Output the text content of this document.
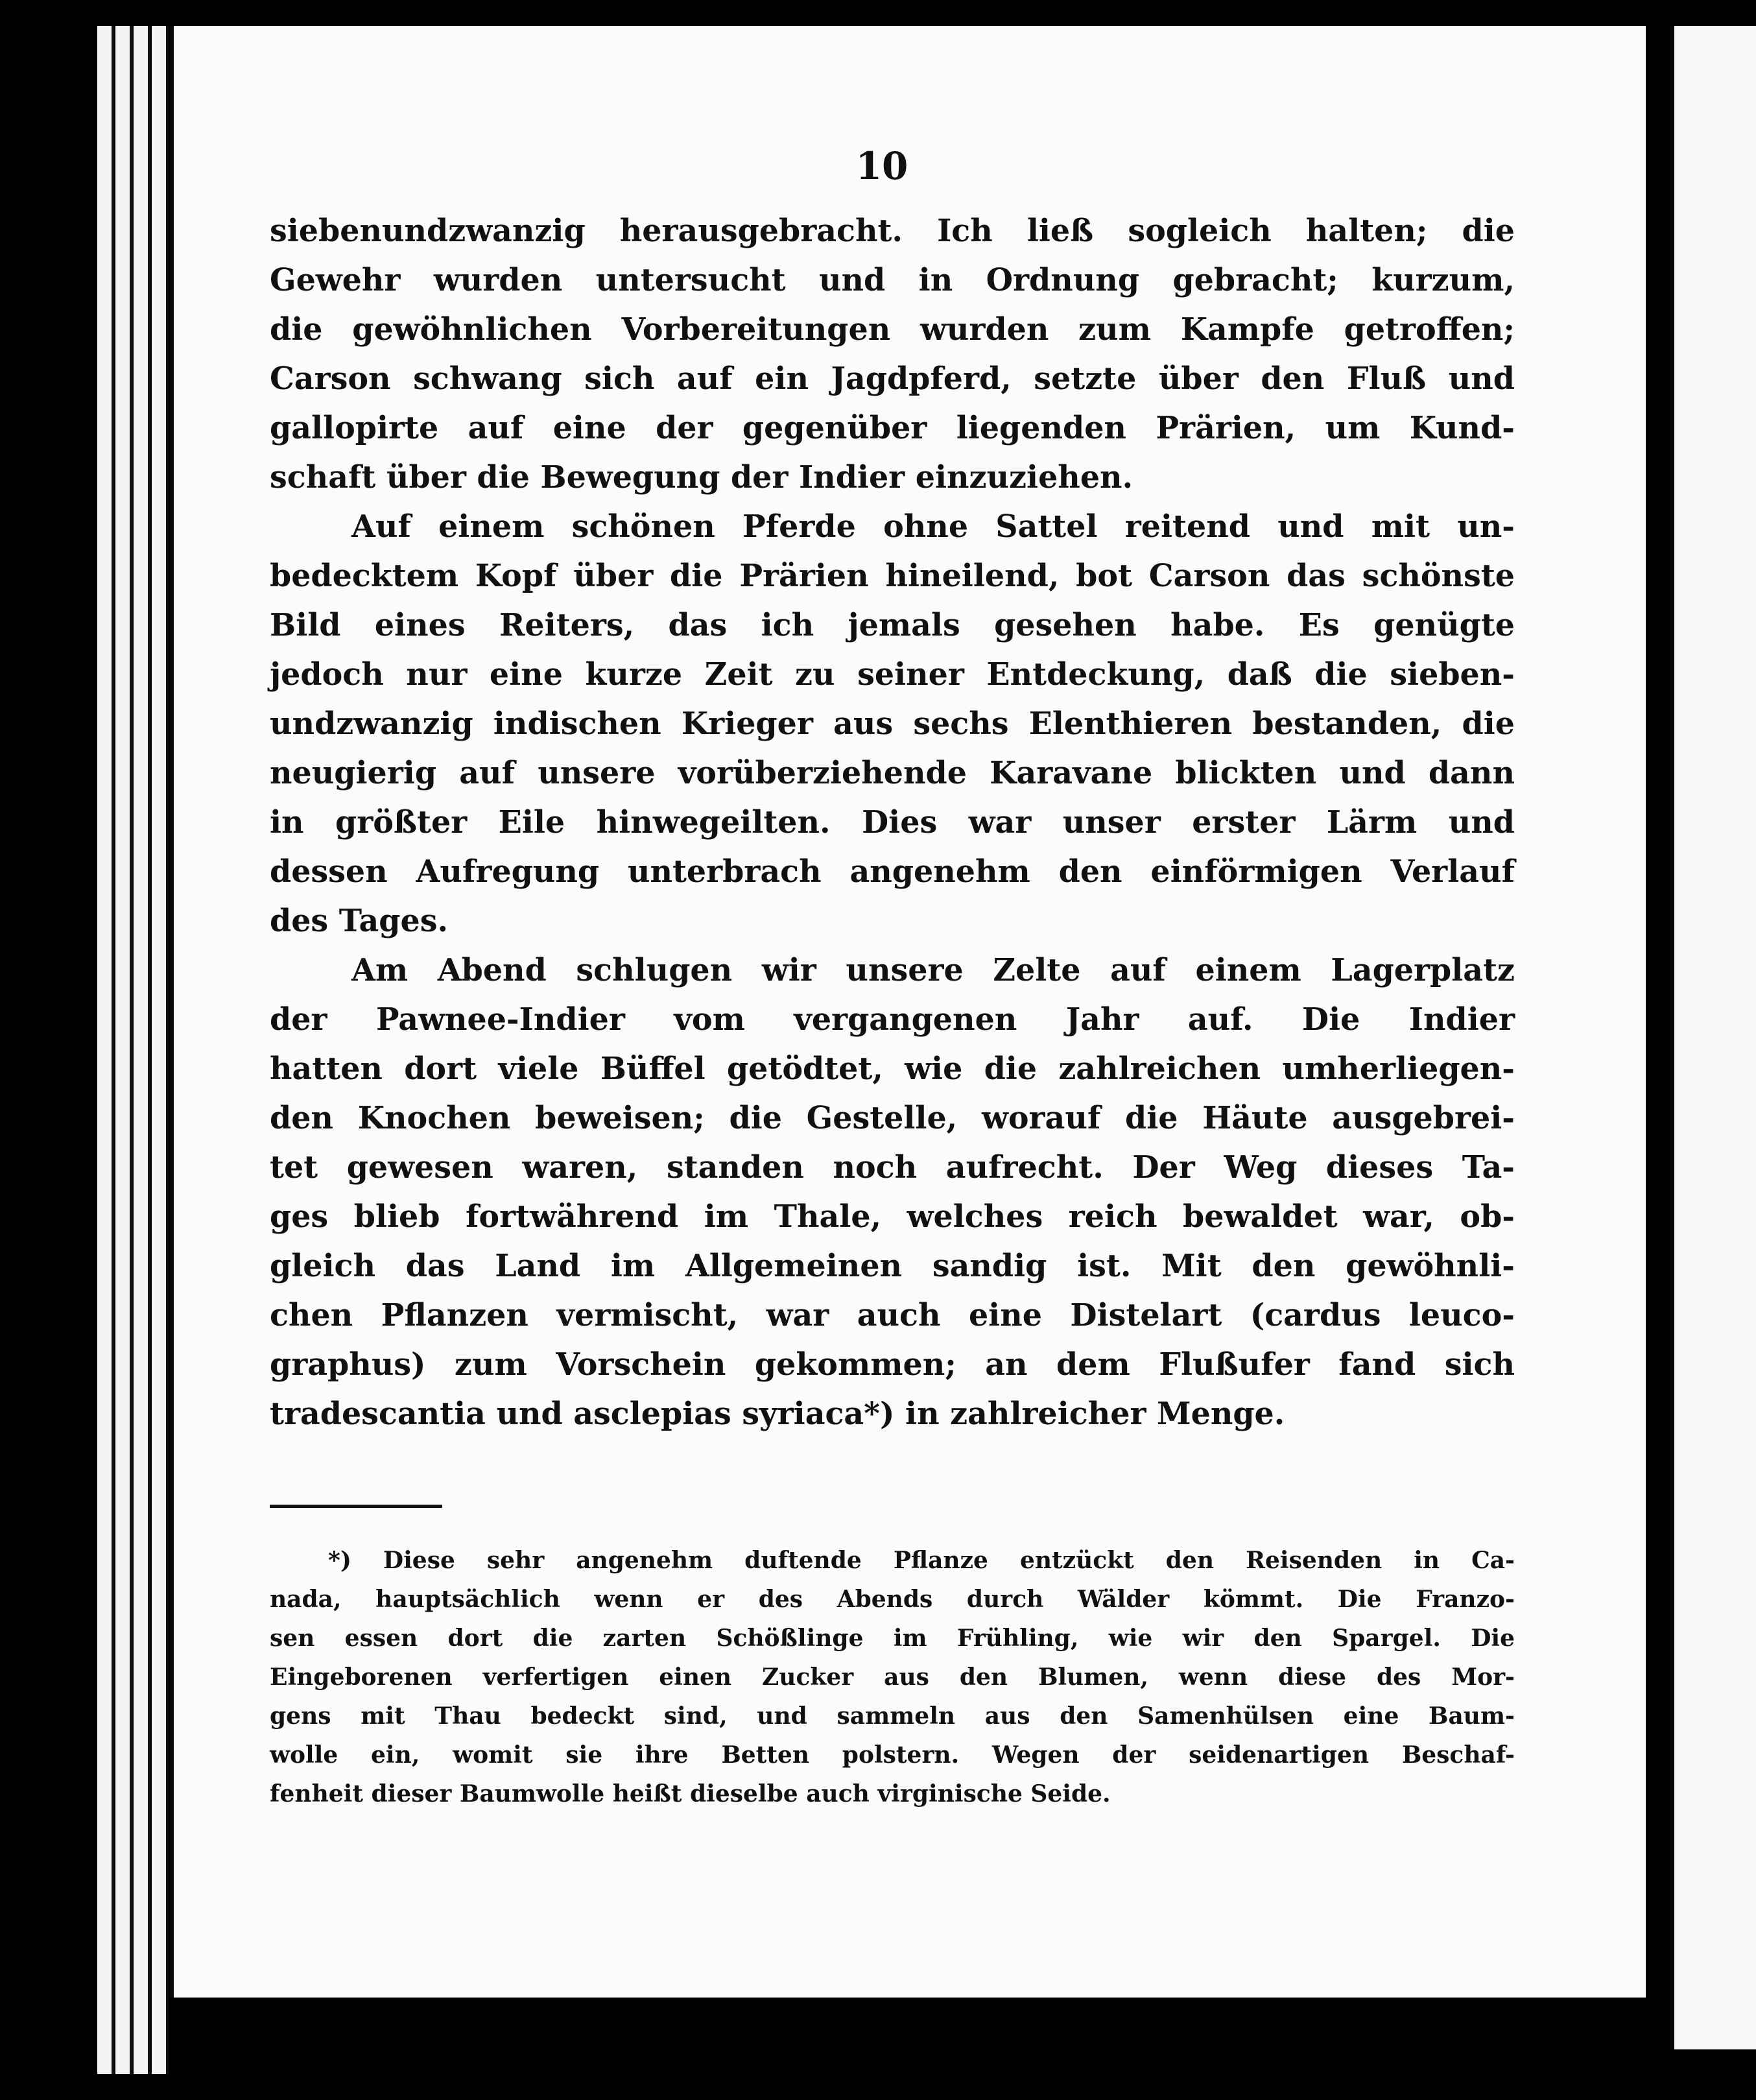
10
siebenundzwanzig herausgebracht. Ich ließ sogleich halten; die
Gewehr wurden untersucht und in Ordnung gebracht; kurzum,
die gewöhnlichen Vorbereitungen wurden zum Kampfe getroffen;
Carson schwang sich auf ein Jagdpferd, setzte über den Fluß und
gallopirte auf eine der gegenüber liegenden Prärien, um Kund-
schaft über die Bewegung der Indier einzuziehen.
Auf einem schönen Pferde ohne Sattel reitend und mit un-
bedecktem Kopf über die Prärien hineilend, bot Carson das schönste
Bild eines Reiters, das ich jemals gesehen habe. Es genügte
jedoch nur eine kurze Zeit zu seiner Entdeckung, daß die sieben-
undzwanzig indischen Krieger aus sechs Elenthieren bestanden, die
neugierig auf unsere vorüberziehende Karavane blickten und dann
in größter Eile hinwegeilten. Dies war unser erster Lärm und
dessen Aufregung unterbrach angenehm den einförmigen Verlauf
des Tages.
Am Abend schlugen wir unsere Zelte auf einem Lagerplatz
der Pawnee-Indier vom vergangenen Jahr auf. Die Indier
hatten dort viele Büffel getödtet, wie die zahlreichen umherliegen-
den Knochen beweisen; die Gestelle, worauf die Häute ausgebrei-
tet gewesen waren, standen noch aufrecht. Der Weg dieses Ta-
ges blieb fortwährend im Thale, welches reich bewaldet war, ob-
gleich das Land im Allgemeinen sandig ist. Mit den gewöhnli-
chen Pflanzen vermischt, war auch eine Distelart (cardus leuco-
graphus) zum Vorschein gekommen; an dem Flußufer fand sich
tradescantia und asclepias syriaca*) in zahlreicher Menge.
*) Diese sehr angenehm duftende Pflanze entzückt den Reisenden in Ca-
nada, hauptsächlich wenn er des Abends durch Wälder kömmt. Die Franzo-
sen essen dort die zarten Schößlinge im Frühling, wie wir den Spargel. Die
Eingeborenen verfertigen einen Zucker aus den Blumen, wenn diese des Mor-
gens mit Thau bedeckt sind, und sammeln aus den Samenhülsen eine Baum-
wolle ein, womit sie ihre Betten polstern. Wegen der seidenartigen Beschaf-
fenheit dieser Baumwolle heißt dieselbe auch virginische Seide.
